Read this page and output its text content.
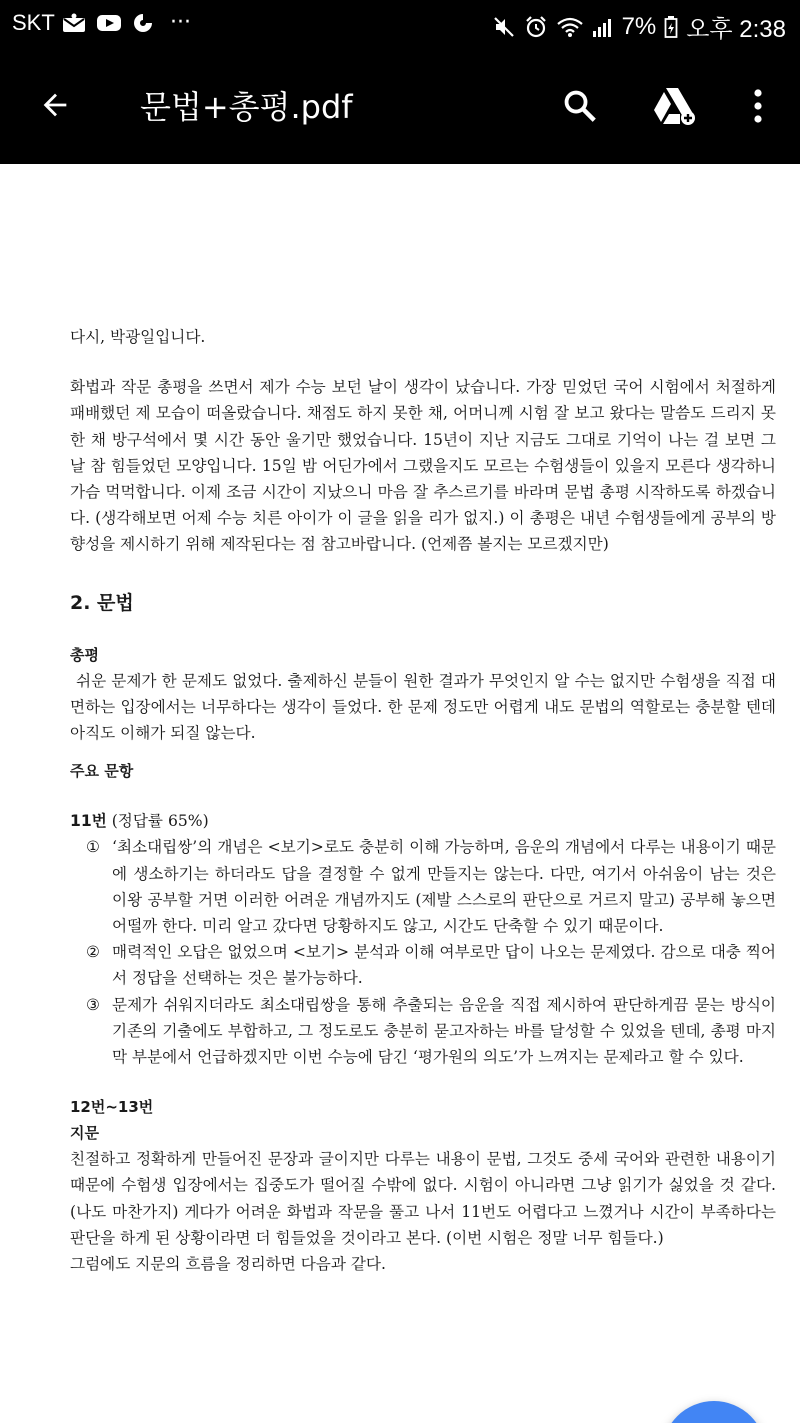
SKT	···	7% 오후 2:38
문법+총평.pdf
다시, 박광일입니다.
화법과 작문 총평을 쓰면서 제가 수능 보던 날이 생각이 났습니다. 가장 믿었던 국어 시험에서 처절하게 패배했던 제 모습이 떠올랐습니다. 채점도 하지 못한 채, 어머니께 시험 잘 보고 왔다는 말씀도 드리지 못한 채 방구석에서 몇 시간 동안 울기만 했었습니다. 15년이 지난 지금도 그대로 기억이 나는 걸 보면 그날 참 힘들었던 모양입니다. 15일 밤 어딘가에서 그랬을지도 모르는 수험생들이 있을지 모른다 생각하니 가슴 먹먹합니다. 이제 조금 시간이 지났으니 마음 잘 추스르기를 바라며 문법 총평 시작하도록 하겠습니다. (생각해보면 어제 수능 치른 아이가 이 글을 읽을 리가 없지.) 이 총평은 내년 수험생들에게 공부의 방향성을 제시하기 위해 제작된다는 점 참고바랍니다. (언제쯤 볼지는 모르겠지만)
2. 문법
총평
쉬운 문제가 한 문제도 없었다. 출제하신 분들이 원한 결과가 무엇인지 알 수는 없지만 수험생을 직접 대면하는 입장에서는 너무하다는 생각이 들었다. 한 문제 정도만 어렵게 내도 문법의 역할로는 충분할 텐데 아직도 이해가 되질 않는다.
주요 문항
11번 (정답률 65%)
① ‘최소대립쌍’의 개념은 <보기>로도 충분히 이해 가능하며, 음운의 개념에서 다루는 내용이기 때문에 생소하기는 하더라도 답을 결정할 수 없게 만들지는 않는다. 다만, 여기서 아쉬움이 남는 것은 이왕 공부할 거면 이러한 어려운 개념까지도 (제발 스스로의 판단으로 거르지 말고) 공부해 놓으면 어떨까 한다. 미리 알고 갔다면 당황하지도 않고, 시간도 단축할 수 있기 때문이다.
② 매력적인 오답은 없었으며 <보기> 분석과 이해 여부로만 답이 나오는 문제였다. 감으로 대충 찍어서 정답을 선택하는 것은 불가능하다.
③ 문제가 쉬워지더라도 최소대립쌍을 통해 추출되는 음운을 직접 제시하여 판단하게끔 묻는 방식이 기존의 기출에도 부합하고, 그 정도로도 충분히 묻고자하는 바를 달성할 수 있었을 텐데, 총평 마지막 부분에서 언급하겠지만 이번 수능에 담긴 ‘평가원의 의도’가 느껴지는 문제라고 할 수 있다.
12번~13번
지문
친절하고 정확하게 만들어진 문장과 글이지만 다루는 내용이 문법, 그것도 중세 국어와 관련한 내용이기 때문에 수험생 입장에서는 집중도가 떨어질 수밖에 없다. 시험이 아니라면 그냥 읽기가 싫었을 것 같다. (나도 마찬가지) 게다가 어려운 화법과 작문을 풀고 나서 11번도 어렵다고 느꼈거나 시간이 부족하다는 판단을 하게 된 상황이라면 더 힘들었을 것이라고 본다. (이번 시험은 정말 너무 힘들다.)
그럼에도 지문의 흐름을 정리하면 다음과 같다.
